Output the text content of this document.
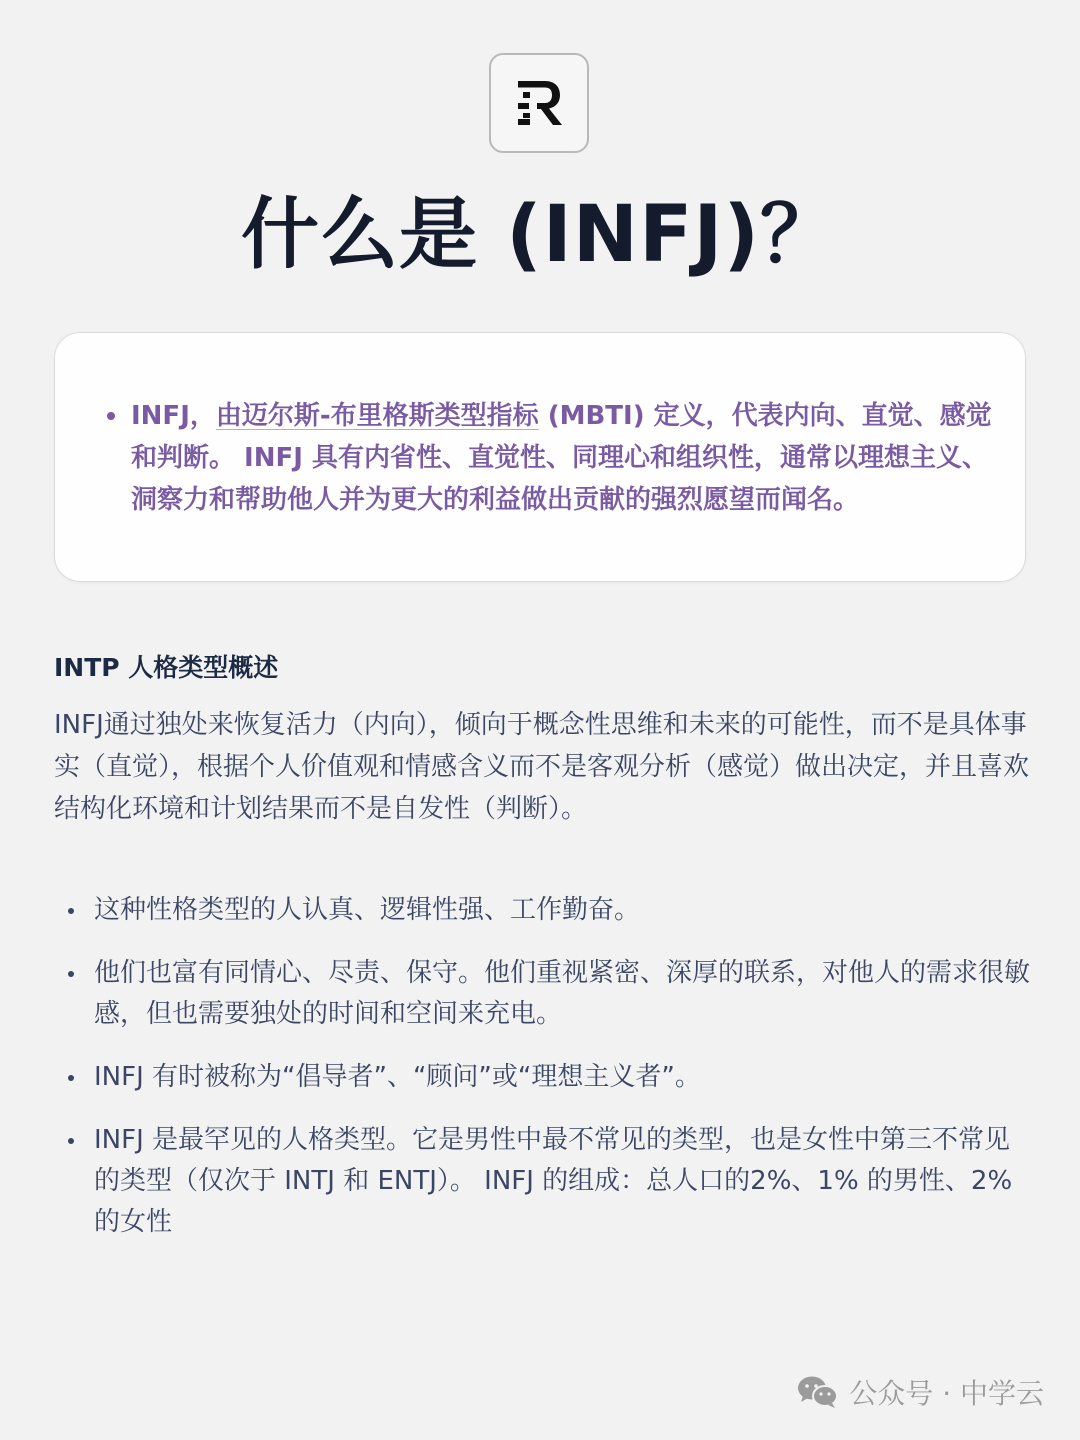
什么是 (INFJ)？
INFJ，由迈尔斯-布里格斯类型指标 (MBTI) 定义，代表内向、直觉、感觉和判断。 INFJ 具有内省性、直觉性、同理心和组织性，通常以理想主义、洞察力和帮助他人并为更大的利益做出贡献的强烈愿望而闻名。
INTP 人格类型概述

INFJ通过独处来恢复活力（内向），倾向于概念性思维和未来的可能性，而不是具体事实（直觉），根据个人价值观和情感含义而不是客观分析（感觉）做出决定，并且喜欢结构化环境和计划结果而不是自发性（判断）。

这种性格类型的人认真、逻辑性强、工作勤奋。
他们也富有同情心、尽责、保守。他们重视紧密、深厚的联系，对他人的需求很敏感，但也需要独处的时间和空间来充电。
INFJ 有时被称为“倡导者”、“顾问”或“理想主义者”。
INFJ 是最罕见的人格类型。它是男性中最不常见的类型，也是女性中第三不常见的类型（仅次于 INTJ 和 ENTJ）。 INFJ 的组成：总人口的2%、1% 的男性、2% 的女性
公众号 · 中学云
